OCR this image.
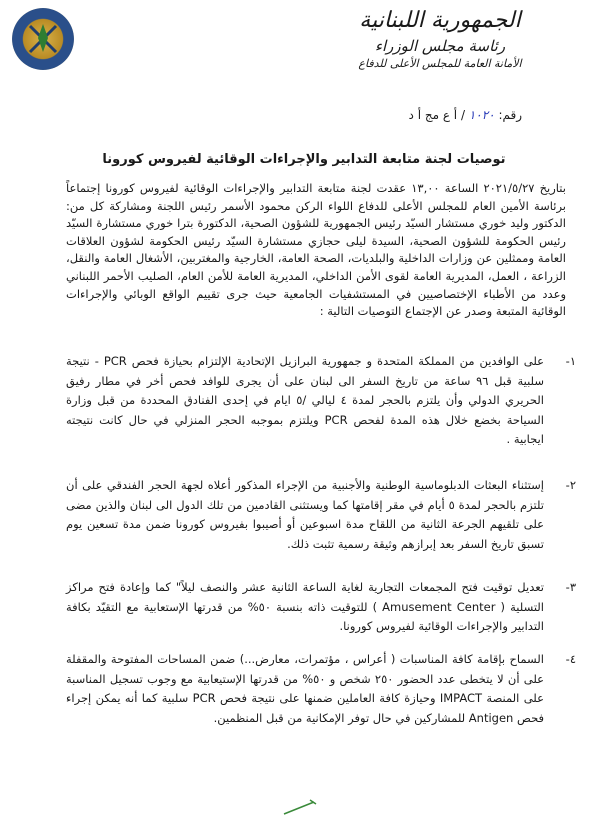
الجمهورية اللبنانية
رئاسة مجلس الوزراء
الأمانة العامة للمجلس الأعلى للدفاع
رقم: ١٠٢٠ / أ ع مج أ د
توصيات لجنة متابعة التدابير والإجراءات الوقائية لفيروس كورونا
بتاريخ ٢٠٢١/٥/٢٧ الساعة ١٣,٠٠ عقدت لجنة متابعة التدابير والإجراءات الوقائية لفيروس كورونا إجتماعاً برئاسة الأمين العام للمجلس الأعلى للدفاع اللواء الركن محمود الأسمر رئيس اللجنة ومشاركة كل من: الدكتور وليد خوري مستشار السيّد رئيس الجمهورية للشؤون الصحية، الدكتورة بترا خوري مستشارة السيّد رئيس الحكومة للشؤون الصحية، السيدة ليلى حجازي مستشارة السيّد رئيس الحكومة لشؤون العلاقات العامة وممثلين عن وزارات الداخلية والبلديات، الصحة العامة، الخارجية والمغتربين، الأشغال العامة والنقل، الزراعة ، العمل، المديرية العامة لقوى الأمن الداخلي، المديرية العامة للأمن العام، الصليب الأحمر اللبناني وعدد من الأطباء الإختصاصيين في المستشفيات الجامعية حيث جرى تقييم الواقع الوبائي والإجراءات الوقائية المتبعة وصدر عن الإجتماع التوصيات التالية :
١-
على الوافدين من المملكة المتحدة و جمهورية البرازيل الإتحادية الإلتزام بحيازة فحص PCR - نتيجة سلبية قبل ٩٦ ساعة من تاريخ السفر الى لبنان على أن يجرى للوافد فحص أخر في مطار رفيق الحريري الدولي وأن يلتزم بالحجر لمدة ٤ ليالي /٥ ايام في إحدى الفنادق المحددة من قبل وزارة السياحة بخضع خلال هذه المدة لفحص PCR ويلتزم بموجبه الحجر المنزلي في حال كانت نتيجته ايجابية .
٢-
إستثناء البعثات الدبلوماسية الوطنية والأجنبية من الإجراء المذكور أعلاه لجهة الحجر الفندقي على أن تلتزم بالحجر لمدة ٥ أيام في مقر إقامتها كما ويستثنى القادمين من تلك الدول الى لبنان والذين مضى على تلقيهم الجرعة الثانية من اللقاح مدة اسبوعين أو أصيبوا بفيروس كورونا ضمن مدة تسعين يوم تسبق تاريخ السفر بعد إبرازهم وثيقة رسمية تثبت ذلك.
٣-
تعديل توقيت فتح المجمعات التجارية لغاية الساعة الثانية عشر والنصف ليلاً" كما وإعادة فتح مراكز التسلية ( Amusement Center ) للتوقيت ذاته بنسبة ٥٠% من قدرتها الإستعابية مع التقيّد بكافة التدابير والإجراءات الوقائية لفيروس كورونا.
٤-
السماح بإقامة كافة المناسبات ( أعراس ، مؤتمرات، معارض...) ضمن المساحات المفتوحة والمقفلة على أن لا يتخطى عدد الحضور ٢٥٠ شخص و ٥٠% من قدرتها الإستيعابية مع وجوب تسجيل المناسبة على المنصة IMPACT وحيازة كافة العاملين ضمنها على نتيجة فحص PCR سلبية كما أنه يمكن إجراء فحص Antigen للمشاركين في حال توفر الإمكانية من قبل المنظمين.
